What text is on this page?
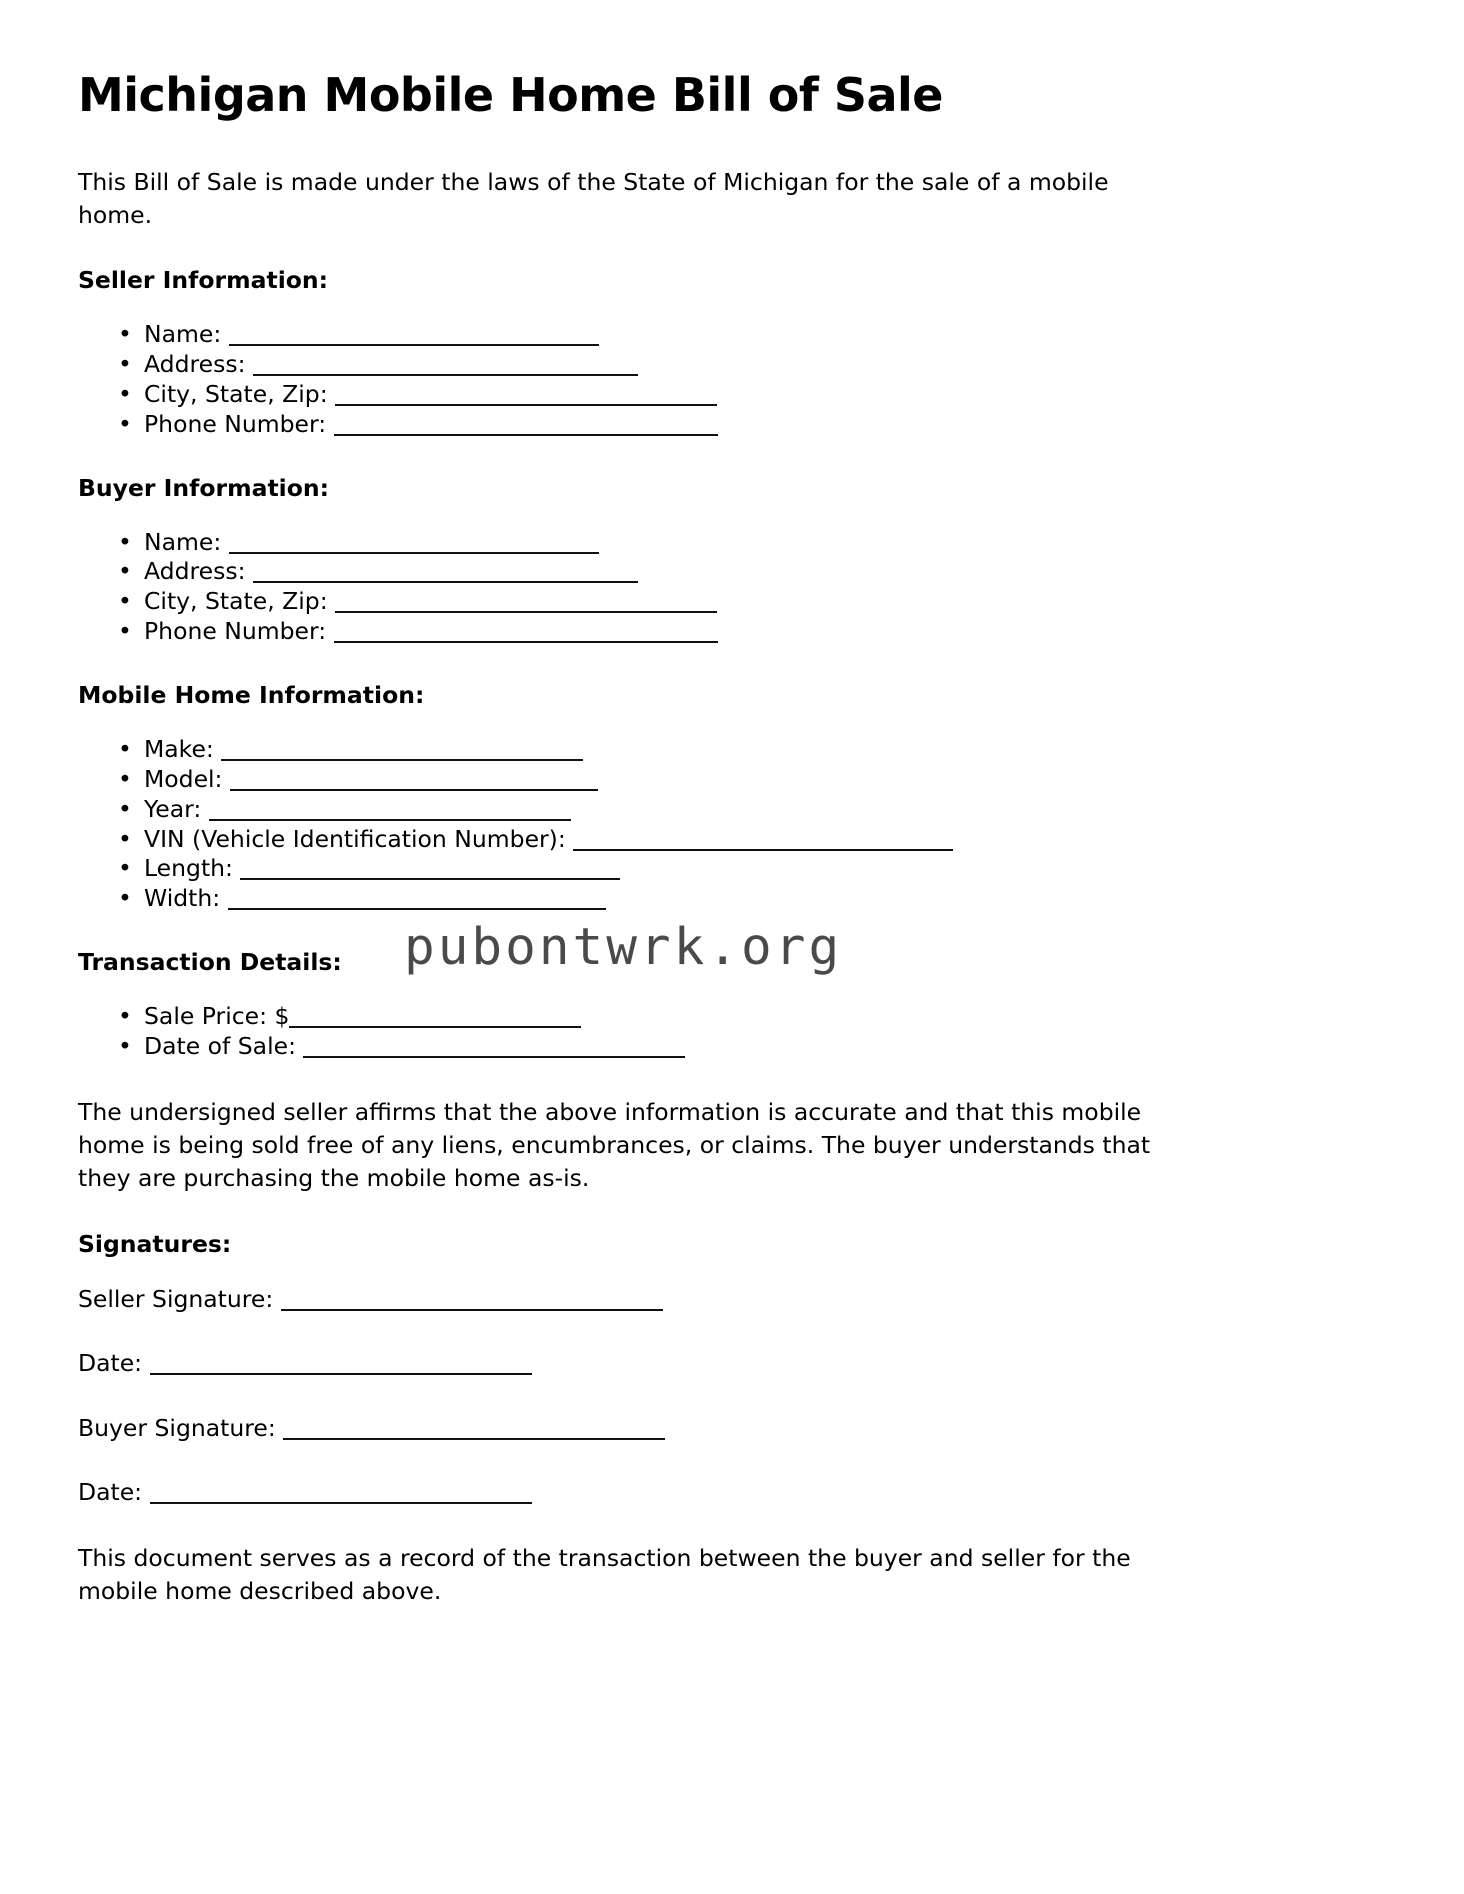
Michigan Mobile Home Bill of Sale

This Bill of Sale is made under the laws of the State of Michigan for the sale of a mobile home.

Seller Information:
• Name:
• Address:
• City, State, Zip:
• Phone Number:
Buyer Information:
• Name:
• Address:
• City, State, Zip:
• Phone Number:
Mobile Home Information:
• Make:
• Model:
• Year:
• VIN (Vehicle Identification Number):
• Length:
• Width:
Transaction Details:
• Sale Price: $
• Date of Sale:

The undersigned seller affirms that the above information is accurate and that this mobile home is being sold free of any liens, encumbrances, or claims. The buyer understands that they are purchasing the mobile home as-is.

Signatures:

Seller Signature:

Date:

Buyer Signature:

Date:

This document serves as a record of the transaction between the buyer and seller for the mobile home described above.

pubontwrk.org
